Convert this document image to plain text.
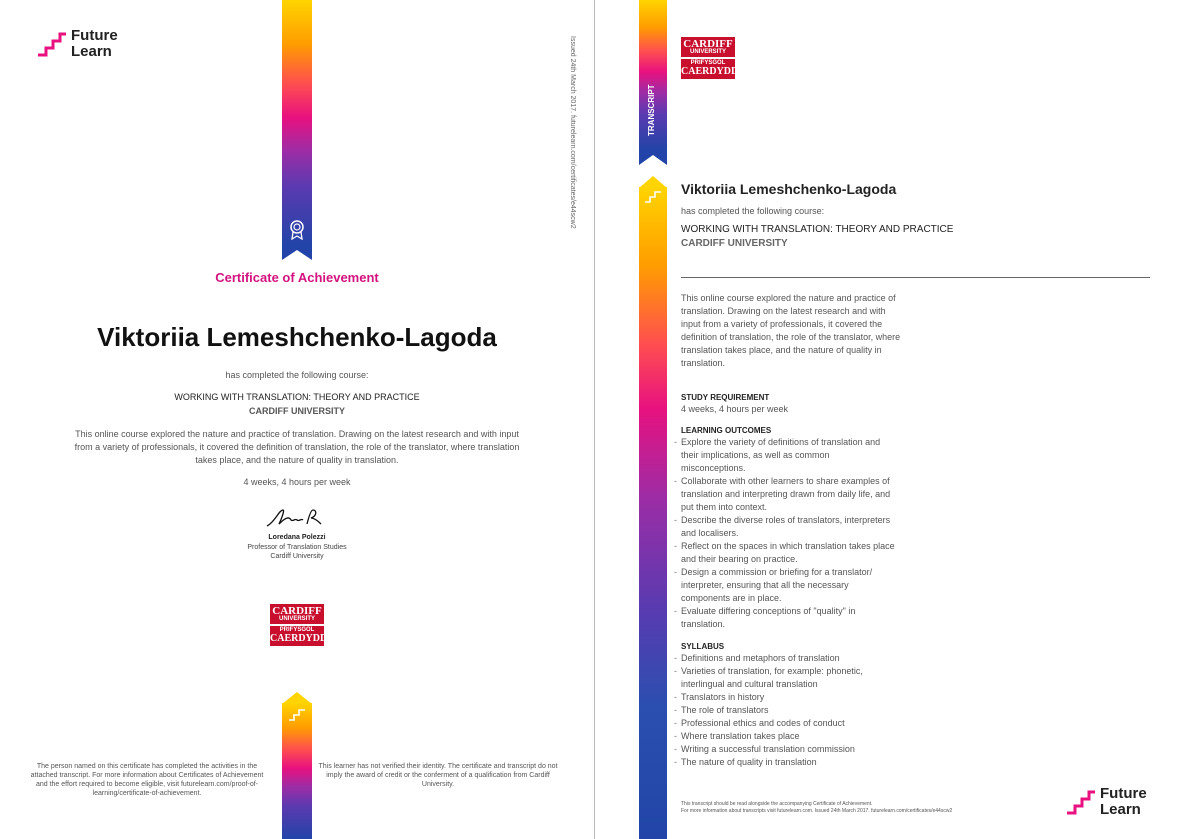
Future
Learn
Certificate of Achievement
Viktoriia Lemeshchenko-Lagoda
has completed the following course:
WORKING WITH TRANSLATION: THEORY AND PRACTICE
CARDIFF UNIVERSITY
This online course explored the nature and practice of translation. Drawing on the latest research and with input from a variety of professionals, it covered the definition of translation, the role of the translator, where translation takes place, and the nature of quality in translation.
4 weeks, 4 hours per week
Loredana Polezzi
Professor of Translation Studies
Cardiff University
CARDIFF
UNIVERSITY
PRIFYSGOL
CAERDYDD
The person named on this certificate has completed the activities in the attached transcript. For more information about Certificates of Achievement and the effort required to become eligible, visit futurelearn.com/proof-of-learning/certificate-of-achievement.
This learner has not verified their identity. The certificate and transcript do not imply the award of credit or the conferment of a qualification from Cardiff University.
Issued 24th March 2017. futurelearn.com/certificates/e44scw2	TRANSCRIPT
CARDIFF
UNIVERSITY
PRIFYSGOL
CAERDYDD
Viktoriia Lemeshchenko-Lagoda
has completed the following course:
WORKING WITH TRANSLATION: THEORY AND PRACTICE
CARDIFF UNIVERSITY
This online course explored the nature and practice of translation. Drawing on the latest research and with input from a variety of professionals, it covered the definition of translation, the role of the translator, where translation takes place, and the nature of quality in translation.
STUDY REQUIREMENT
4 weeks, 4 hours per week
LEARNING OUTCOMES
- Explore the variety of definitions of translation and their implications, as well as common misconceptions.
- Collaborate with other learners to share examples of translation and interpreting drawn from daily life, and put them into context.
- Describe the diverse roles of translators, interpreters and localisers.
- Reflect on the spaces in which translation takes place and their bearing on practice.
- Design a commission or briefing for a translator/ interpreter, ensuring that all the necessary components are in place.
- Evaluate differing conceptions of "quality" in translation.
SYLLABUS
- Definitions and metaphors of translation
- Varieties of translation, for example: phonetic, interlingual and cultural translation
- Translators in history
- The role of translators
- Professional ethics and codes of conduct
- Where translation takes place
- Writing a successful translation commission
- The nature of quality in translation
This transcript should be read alongside the accompanying Certificate of Achievement.
For more information about transcripts visit futurelearn.com. Issued 24th March 2017. futurelearn.com/certificates/e44scw2
Future
Learn
